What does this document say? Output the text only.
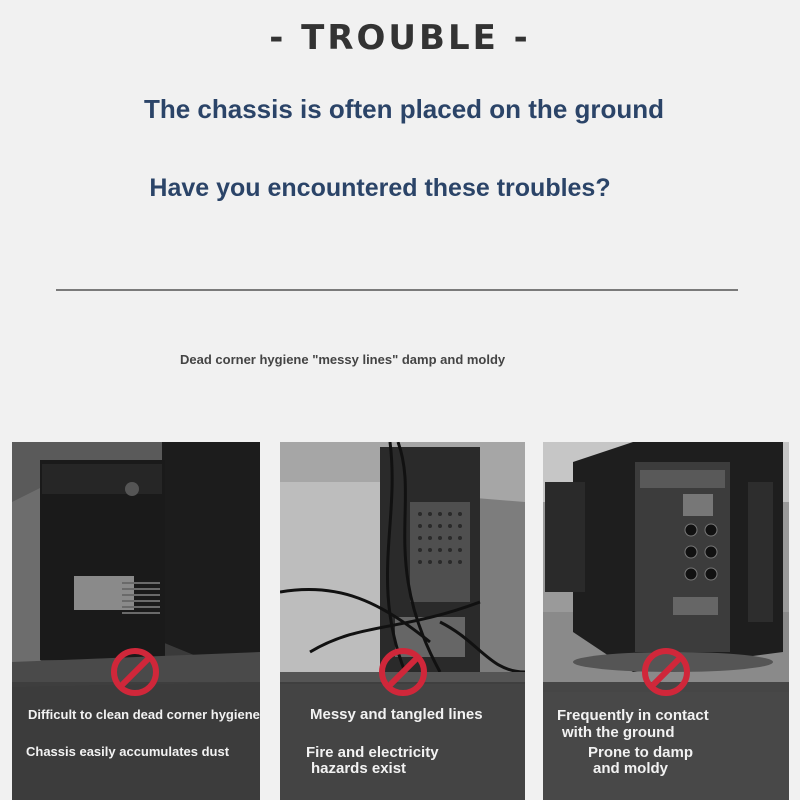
- TROUBLE -
The chassis is often placed on the ground
Have you encountered these troubles?
Dead corner hygiene "messy lines" damp and moldy
Difficult to clean dead corner hygiene
Chassis easily accumulates dust
Messy and tangled lines
Fire and electricity
hazards exist
Frequently in contact
with the ground
Prone to damp
and moldy
